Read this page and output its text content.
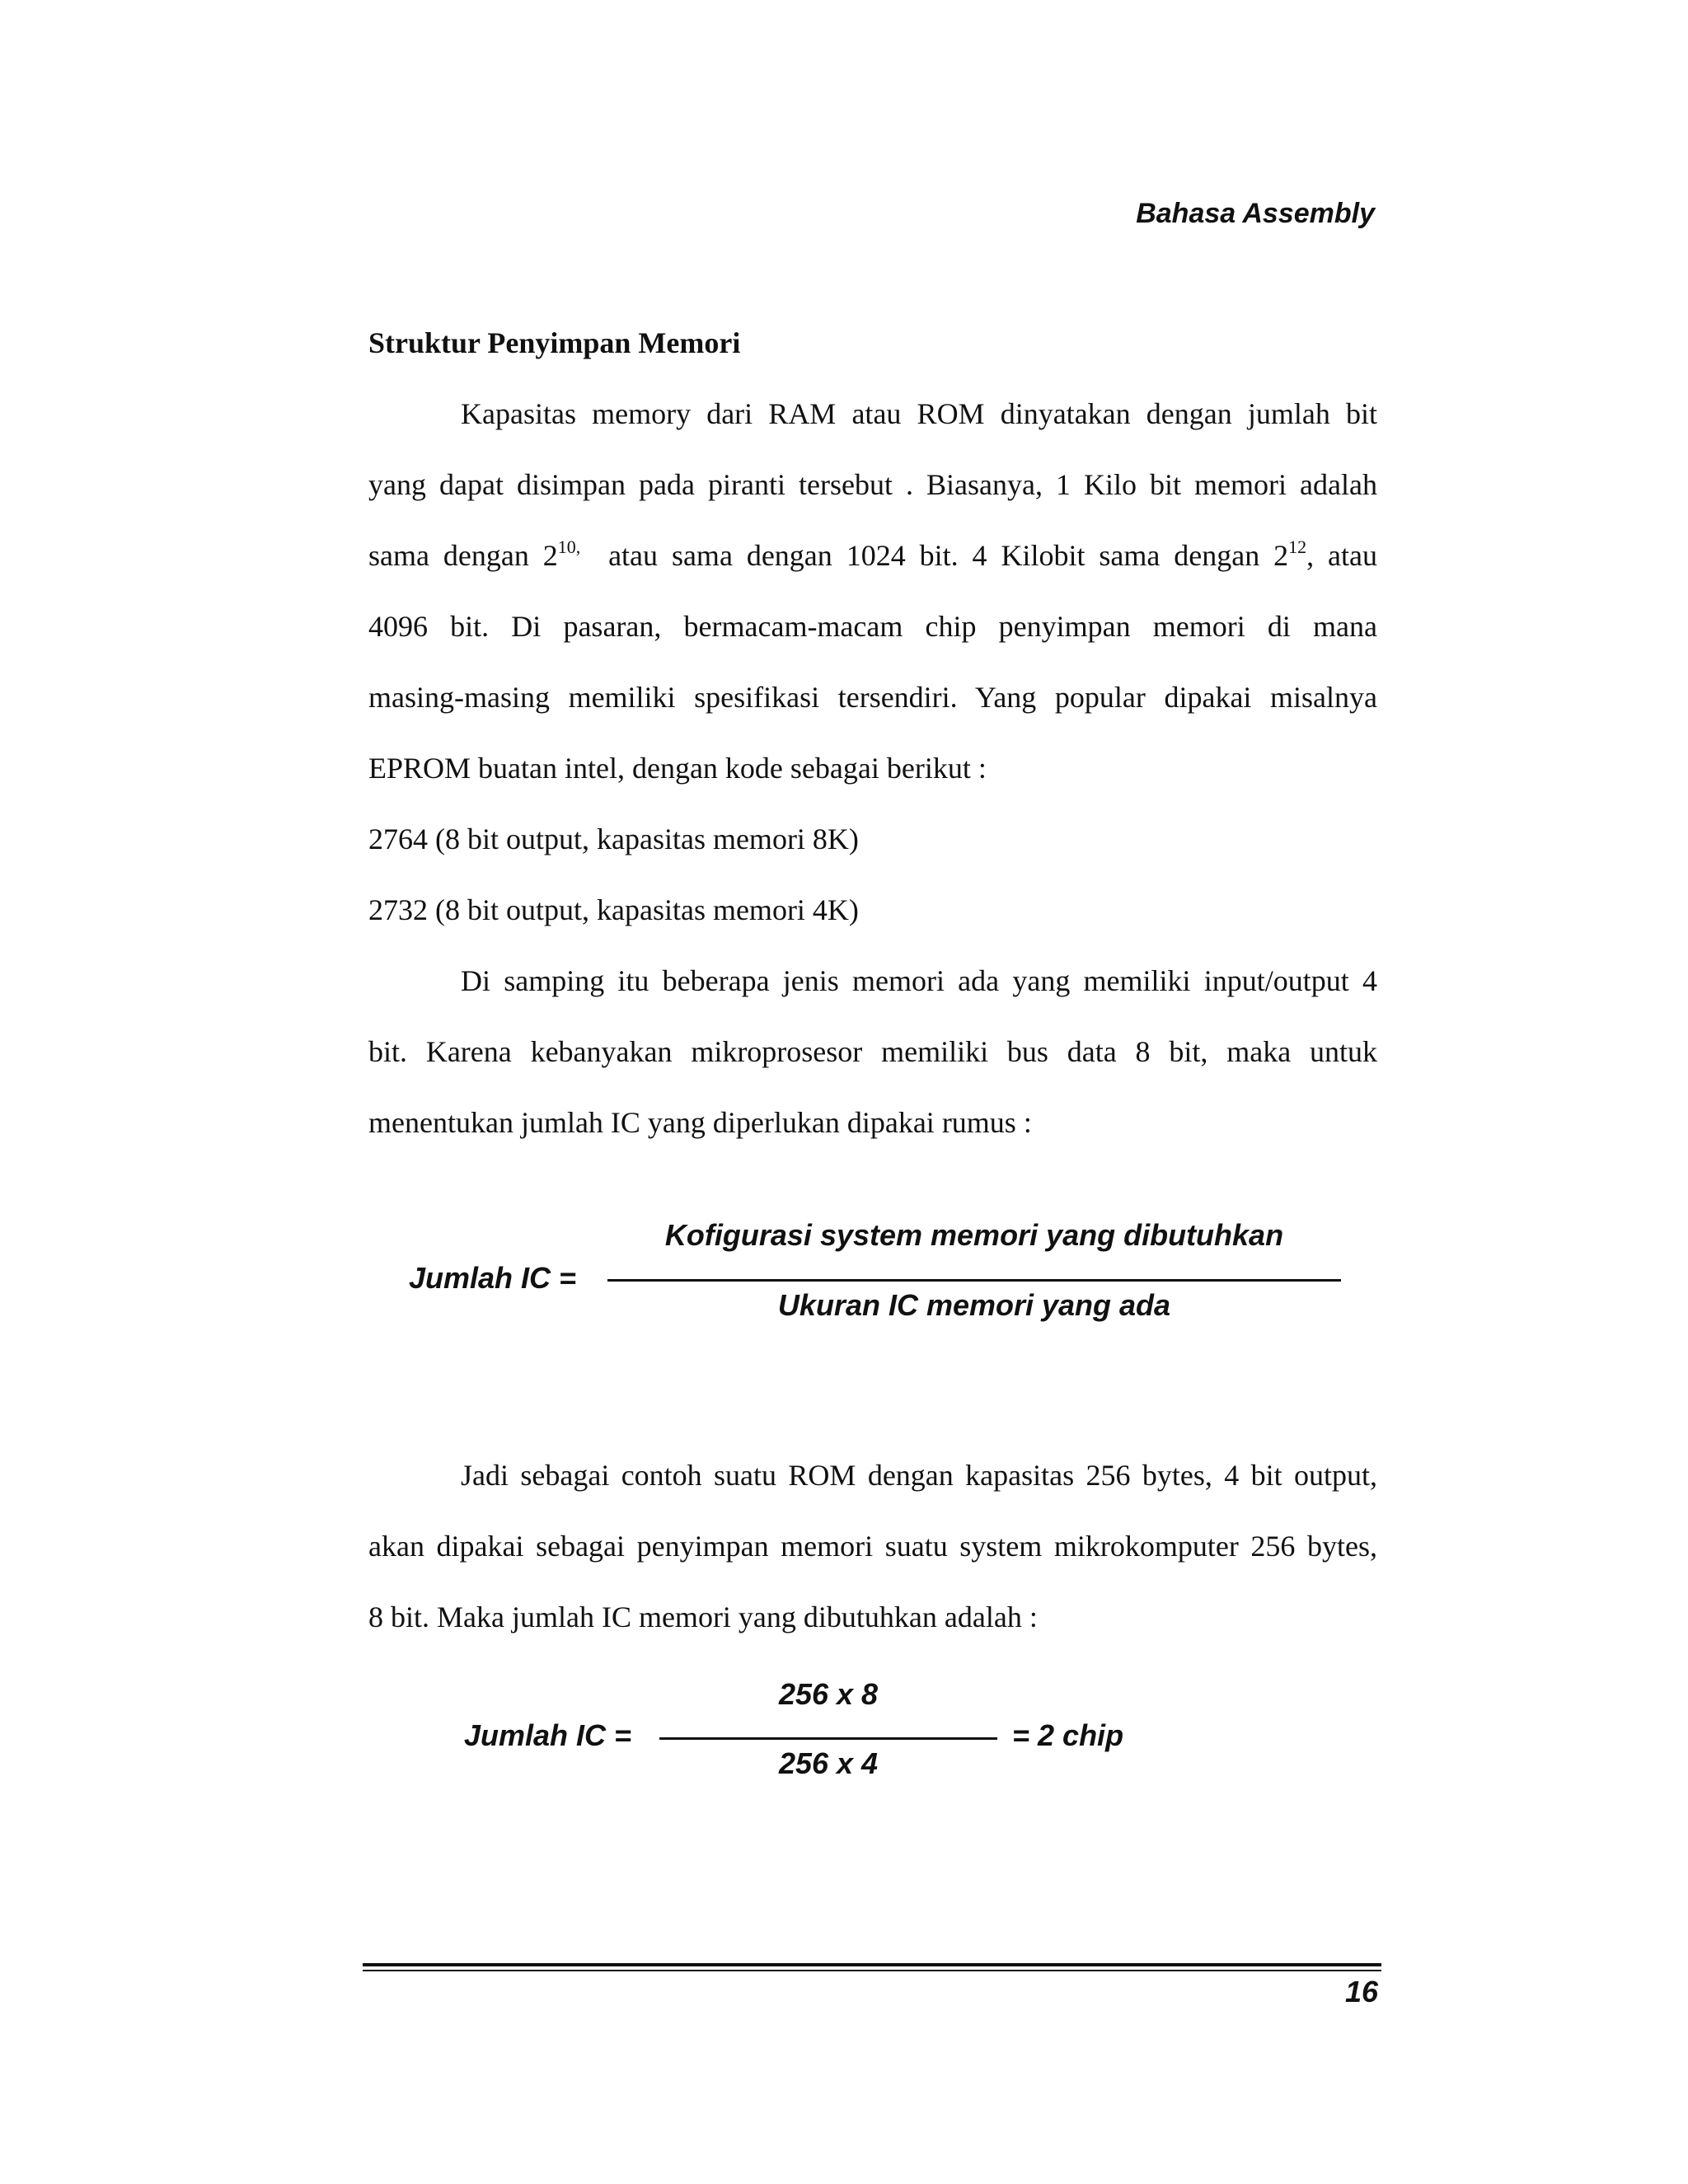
Bahasa Assembly
Struktur Penyimpan Memori
Kapasitas memory dari RAM atau ROM dinyatakan dengan jumlah bit
yang dapat disimpan pada piranti tersebut . Biasanya, 1 Kilo bit memori adalah
sama dengan $2^{10,}$ atau sama dengan 1024 bit. 4 Kilobit sama dengan $2^{12}$, atau
4096 bit. Di pasaran, bermacam-macam chip penyimpan memori di mana
masing-masing memiliki spesifikasi tersendiri. Yang popular dipakai misalnya
EPROM buatan intel, dengan kode sebagai berikut :
2764 (8 bit output, kapasitas memori 8K)
2732 (8 bit output, kapasitas memori 4K)
Di samping itu beberapa jenis memori ada yang memiliki input/output 4
bit. Karena kebanyakan mikroprosesor memiliki bus data 8 bit, maka untuk
menentukan jumlah IC yang diperlukan dipakai rumus :
Jumlah IC =
Kofigurasi system memori yang dibutuhkan
Ukuran IC memori yang ada
Jadi sebagai contoh suatu ROM dengan kapasitas 256 bytes, 4 bit output,
akan dipakai sebagai penyimpan memori suatu system mikrokomputer 256 bytes,
8 bit. Maka jumlah IC memori yang dibutuhkan adalah :
Jumlah IC =
256 x 8
256 x 4
= 2 chip
16
